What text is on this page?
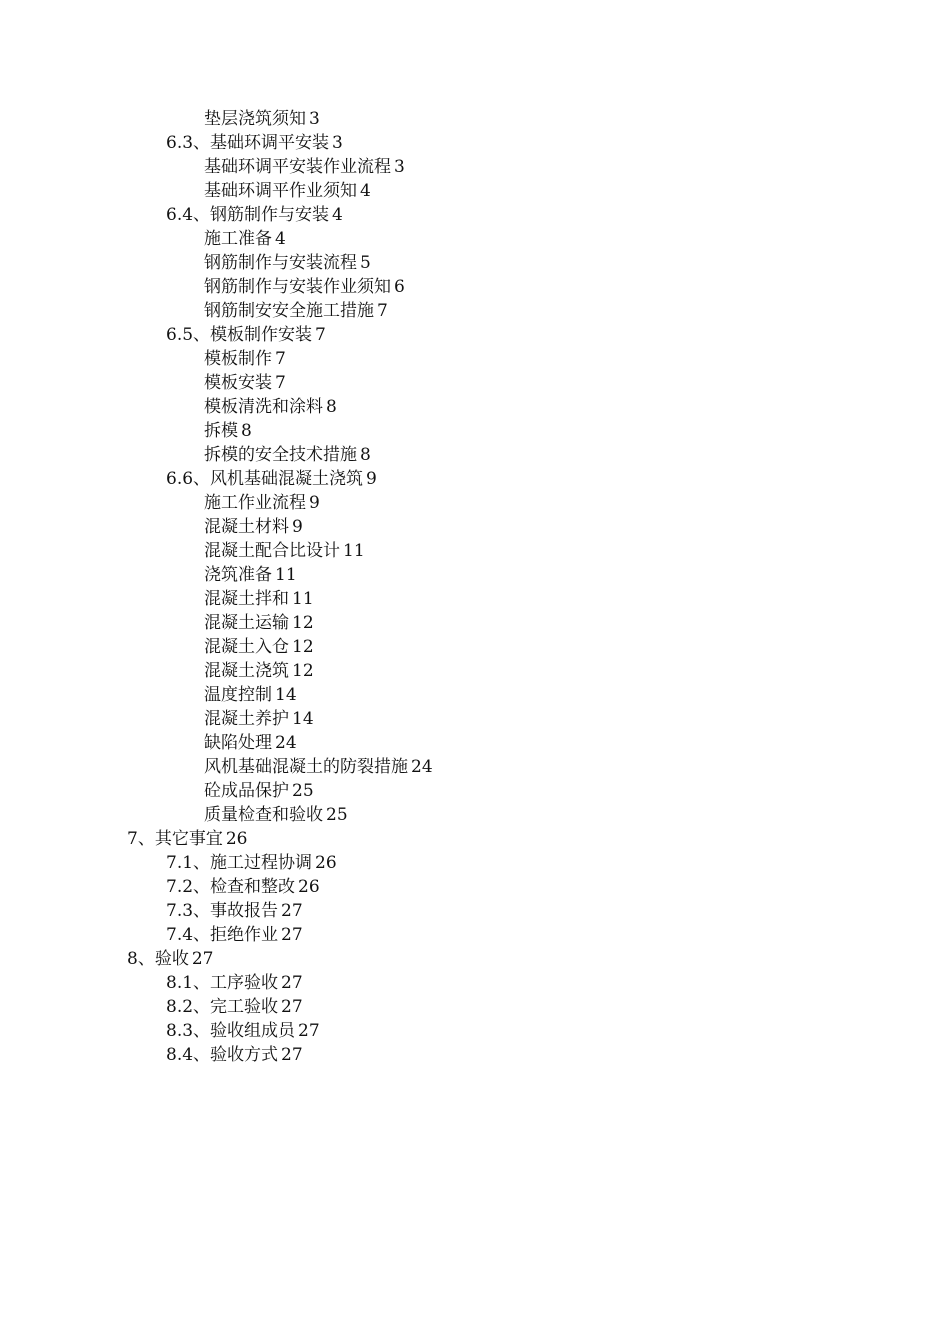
垫层浇筑须知 3
6.3、基础环调平安装 3
基础环调平安装作业流程 3
基础环调平作业须知 4
6.4、钢筋制作与安装 4
施工准备 4
钢筋制作与安装流程 5
钢筋制作与安装作业须知 6
钢筋制安安全施工措施 7
6.5、模板制作安装 7
模板制作 7
模板安装 7
模板清洗和涂料 8
拆模 8
拆模的安全技术措施 8
6.6、风机基础混凝土浇筑 9
施工作业流程 9
混凝土材料 9
混凝土配合比设计 11
浇筑准备 11
混凝土拌和 11
混凝土运输 12
混凝土入仓 12
混凝土浇筑 12
温度控制 14
混凝土养护 14
缺陷处理 24
风机基础混凝土的防裂措施 24
砼成品保护 25
质量检查和验收 25
7、其它事宜 26
7.1、施工过程协调 26
7.2、检查和整改 26
7.3、事故报告 27
7.4、拒绝作业 27
8、验收 27
8.1、工序验收 27
8.2、完工验收 27
8.3、验收组成员 27
8.4、验收方式 27
